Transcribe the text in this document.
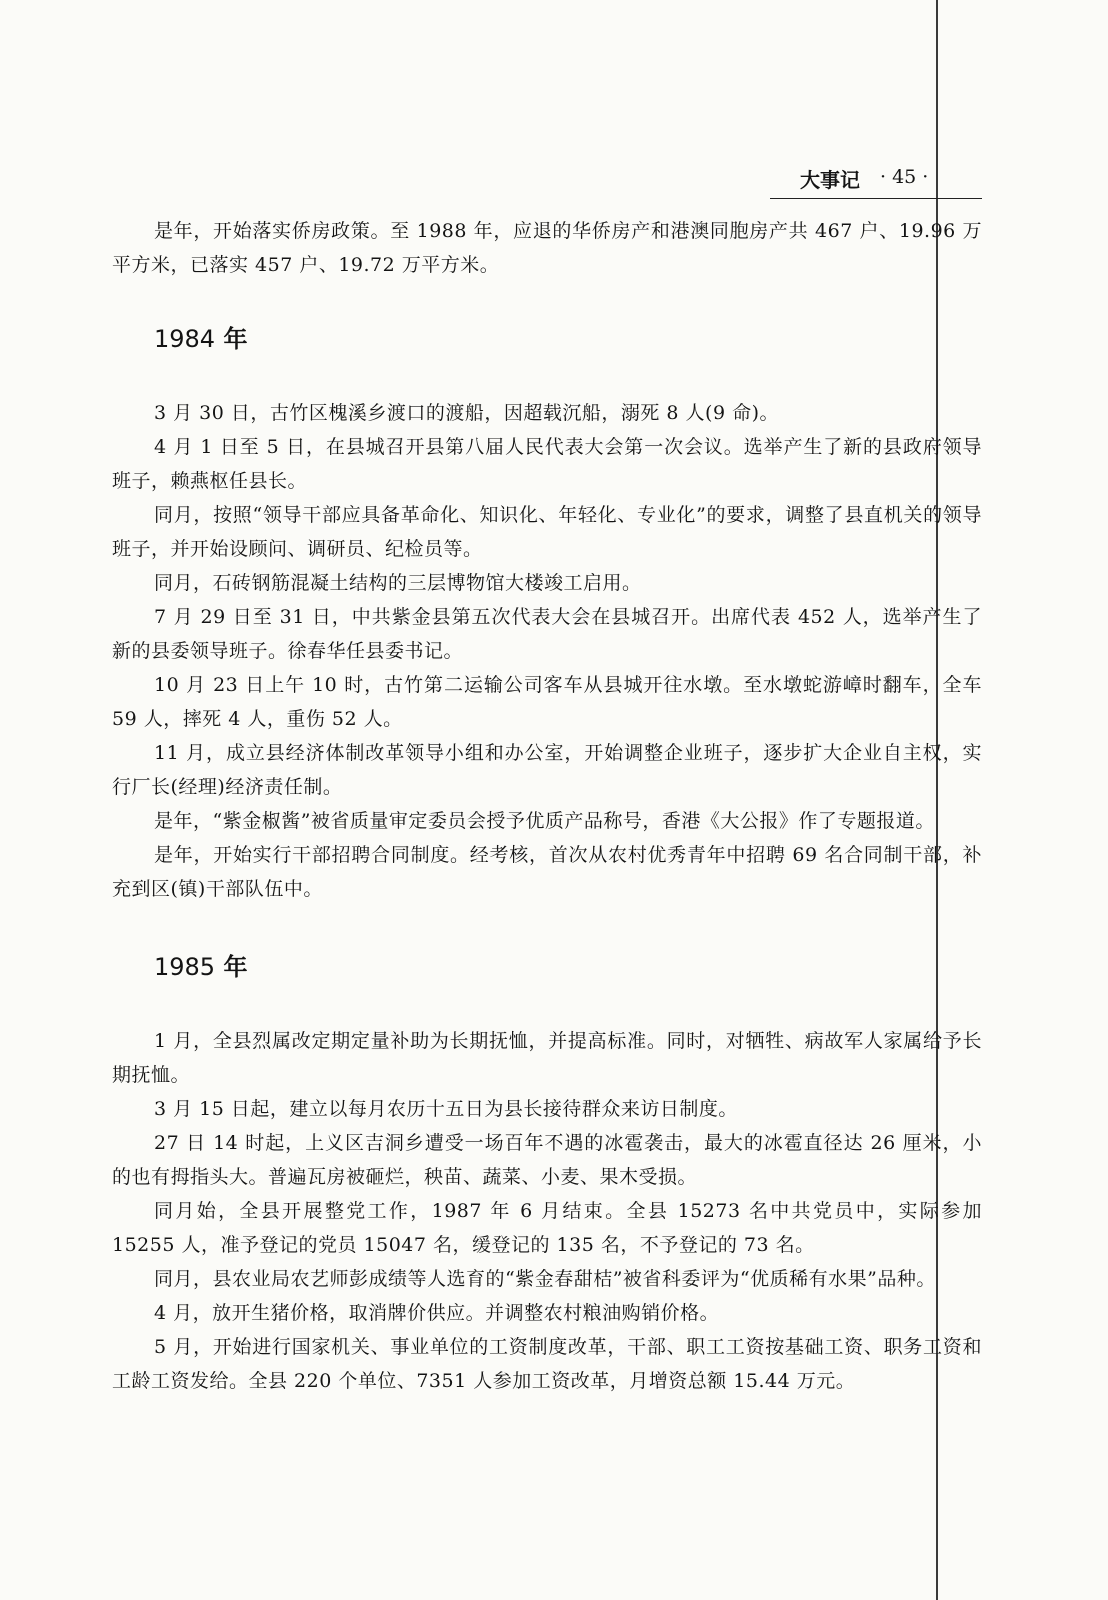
大事记 · 45 ·

是年，开始落实侨房政策。至 1988 年，应退的华侨房产和港澳同胞房产共 467 户、19.96 万平方米，已落实 457 户、19.72 万平方米。

1984 年

3 月 30 日，古竹区槐溪乡渡口的渡船，因超载沉船，溺死 8 人(9 命)。

4 月 1 日至 5 日，在县城召开县第八届人民代表大会第一次会议。选举产生了新的县政府领导班子，赖燕枢任县长。

同月，按照“领导干部应具备革命化、知识化、年轻化、专业化”的要求，调整了县直机关的领导班子，并开始设顾问、调研员、纪检员等。

同月，石砖钢筋混凝土结构的三层博物馆大楼竣工启用。

7 月 29 日至 31 日，中共紫金县第五次代表大会在县城召开。出席代表 452 人，选举产生了新的县委领导班子。徐春华任县委书记。

10 月 23 日上午 10 时，古竹第二运输公司客车从县城开往水墩。至水墩蛇游嶂时翻车，全车 59 人，摔死 4 人，重伤 52 人。

11 月，成立县经济体制改革领导小组和办公室，开始调整企业班子，逐步扩大企业自主权，实行厂长(经理)经济责任制。

是年，“紫金椒酱”被省质量审定委员会授予优质产品称号，香港《大公报》作了专题报道。

是年，开始实行干部招聘合同制度。经考核，首次从农村优秀青年中招聘 69 名合同制干部，补充到区(镇)干部队伍中。

1985 年

1 月，全县烈属改定期定量补助为长期抚恤，并提高标准。同时，对牺牲、病故军人家属给予长期抚恤。

3 月 15 日起，建立以每月农历十五日为县长接待群众来访日制度。

27 日 14 时起，上义区吉洞乡遭受一场百年不遇的冰雹袭击，最大的冰雹直径达 26 厘米，小的也有拇指头大。普遍瓦房被砸烂，秧苗、蔬菜、小麦、果木受损。

同月始，全县开展整党工作，1987 年 6 月结束。全县 15273 名中共党员中，实际参加 15255 人，准予登记的党员 15047 名，缓登记的 135 名，不予登记的 73 名。

同月，县农业局农艺师彭成绩等人选育的“紫金春甜桔”被省科委评为“优质稀有水果”品种。

4 月，放开生猪价格，取消牌价供应。并调整农村粮油购销价格。

5 月，开始进行国家机关、事业单位的工资制度改革，干部、职工工资按基础工资、职务工资和工龄工资发给。全县 220 个单位、7351 人参加工资改革，月增资总额 15.44 万元。
